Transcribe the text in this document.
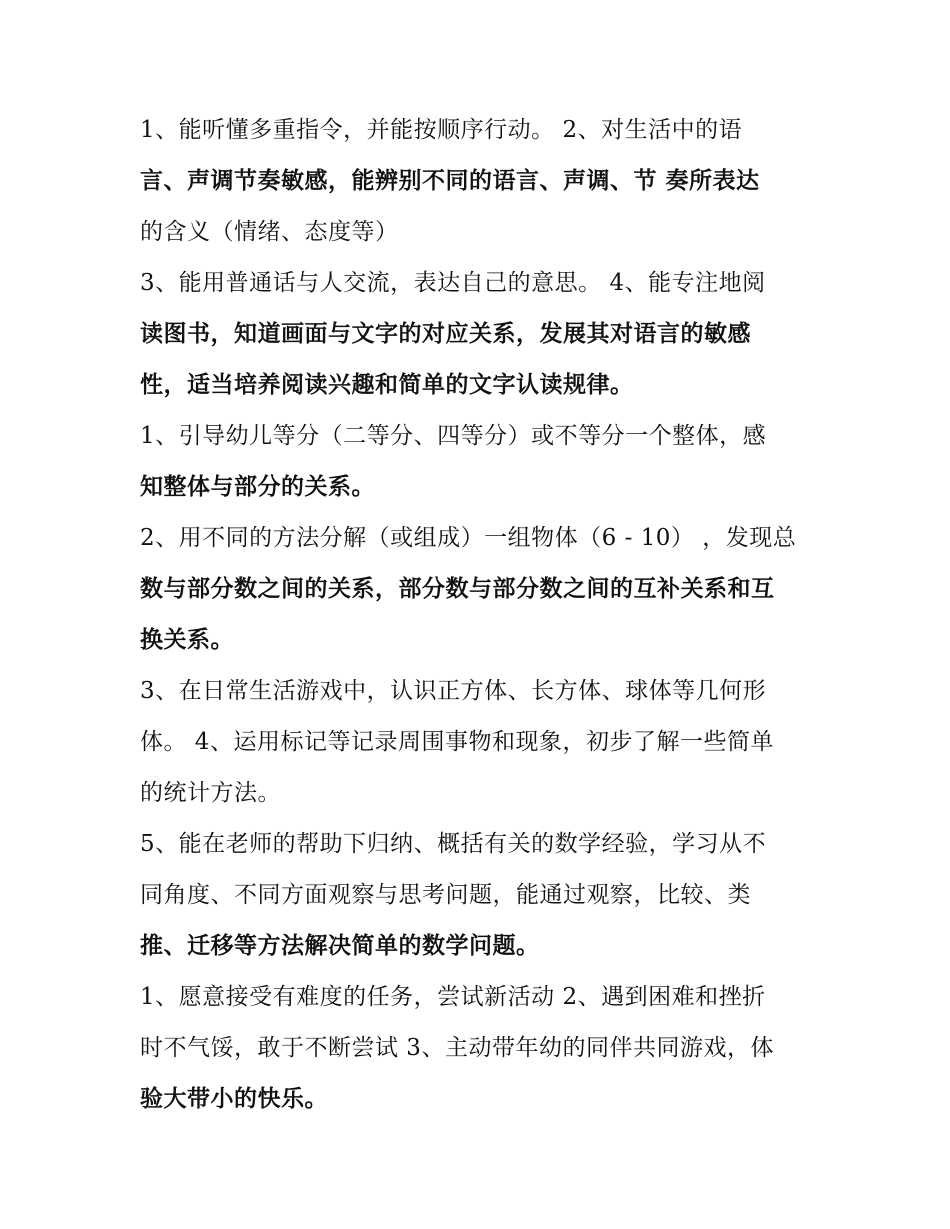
1、能听懂多重指令，并能按顺序行动。 2、对生活中的语
言、声调节奏敏感，能辨别不同的语言、声调、节 奏所表达
的含义（情绪、态度等）
3、能用普通话与人交流，表达自己的意思。 4、能专注地阅
读图书，知道画面与文字的对应关系，发展其对语言的敏感
性，适当培养阅读兴趣和简单的文字认读规律。
1、引导幼儿等分（二等分、四等分）或不等分一个整体，感
知整体与部分的关系。
2、用不同的方法分解（或组成）一组物体（6 - 10） ，发现总
数与部分数之间的关系，部分数与部分数之间的互补关系和互
换关系。
3、在日常生活游戏中，认识正方体、长方体、球体等几何形
体。 4、运用标记等记录周围事物和现象，初步了解一些简单
的统计方法。
5、能在老师的帮助下归纳、概括有关的数学经验，学习从不
同角度、不同方面观察与思考问题，能通过观察，比较、类
推、迁移等方法解决简单的数学问题。
1、愿意接受有难度的任务，尝试新活动 2、遇到困难和挫折
时不气馁，敢于不断尝试 3、主动带年幼的同伴共同游戏，体
验大带小的快乐。
